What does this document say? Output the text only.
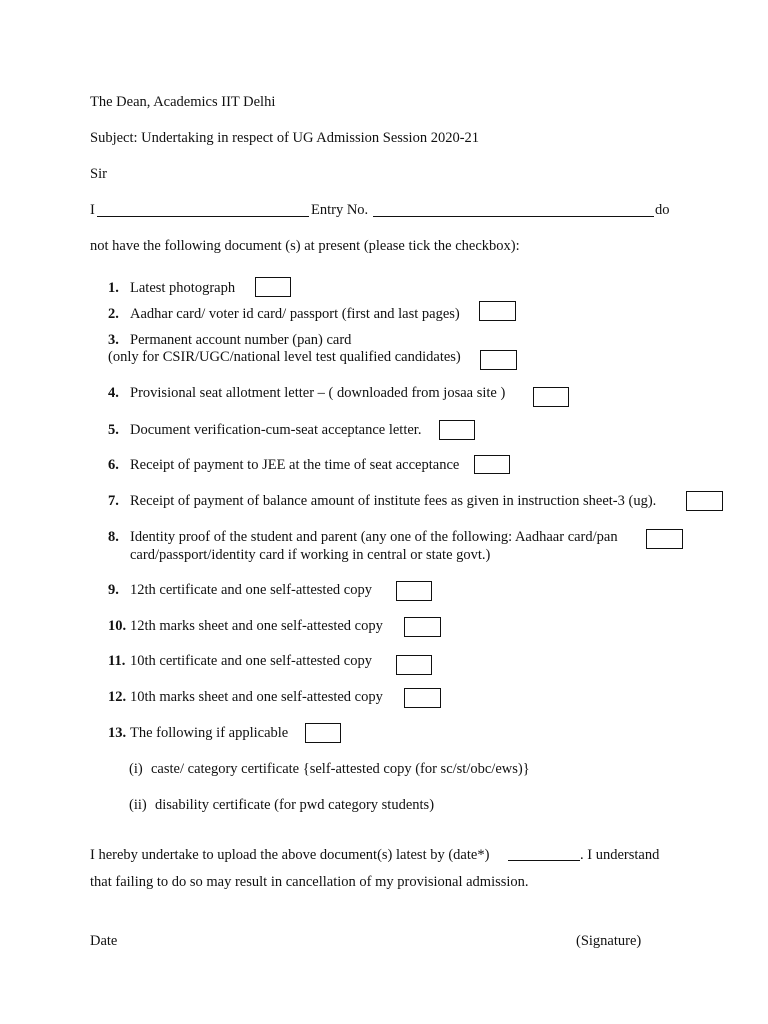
The Dean, Academics IIT Delhi
Subject: Undertaking in respect of UG Admission Session 2020-21
Sir
I	Entry No.	do
not have the following document (s) at present (please tick the checkbox):
1. Latest photograph
2. Aadhar card/ voter id card/ passport (first and last pages)
3. Permanent account number (pan) card
(only for CSIR/UGC/national level test qualified candidates)
4. Provisional seat allotment letter – ( downloaded from josaa site )
5. Document verification-cum-seat acceptance letter.
6. Receipt of payment to JEE at the time of seat acceptance
7. Receipt of payment of balance amount of institute fees as given in instruction sheet-3 (ug).
8. Identity proof of the student and parent (any one of the following: Aadhaar card/pan
card/passport/identity card if working in central or state govt.)
9. 12th certificate and one self-attested copy
10. 12th marks sheet and one self-attested copy
11. 10th certificate and one self-attested copy
12. 10th marks sheet and one self-attested copy
13. The following if applicable
(i) caste/ category certificate {self-attested copy (for sc/st/obc/ews)}
(ii) disability certificate (for pwd category students)
I hereby undertake to upload the above document(s) latest by (date*)	. I understand
that failing to do so may result in cancellation of my provisional admission.
Date	(Signature)
